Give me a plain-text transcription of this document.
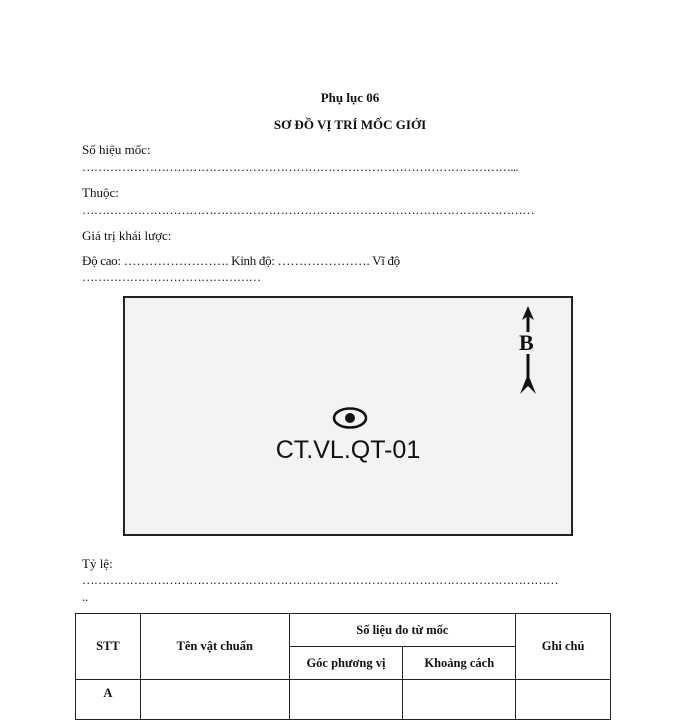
Phụ lục 06
SƠ ĐỒ VỊ TRÍ MỐC GIỚI
Số hiệu mốc:
………………………………………………………………………………………………...
Thuộc:
……………………………………………………………………………………………………
Giá trị khái lược:
Độ cao: ……………………. Kinh độ: …………………. Vĩ độ
………………………………………
B
CT.VL.QT-01
Tỷ lệ:
…………………………………………………………………………………………………………
..
STT	Tên vật chuẩn	Số liệu đo từ mốc		Ghi chú
		Góc phương vị	Khoảng cách	
A				
